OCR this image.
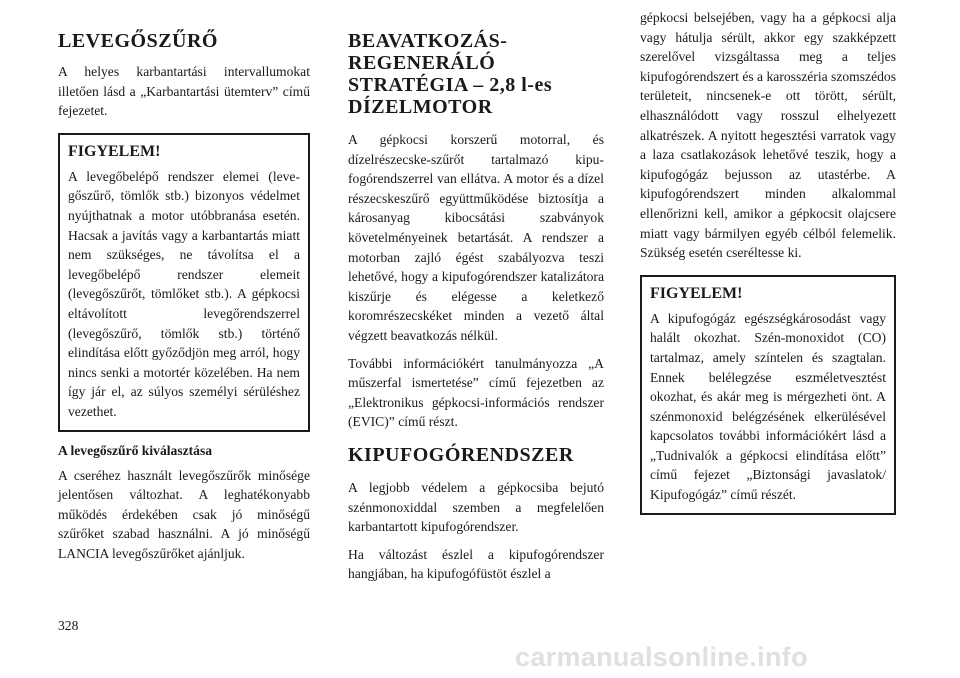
LEVEGŐSZŰRŐ

A helyes karbantartási intervallumokat illetően lásd a „Karbantartási ütemterv” című fejezetet.

FIGYELEM!

A levegőbelépő rendszer elemei (levegőszűrő, tömlők stb.) bizonyos védelmet nyújthatnak a motor utóbbranása esetén. Hacsak a javítás vagy a karbantartás miatt nem szükséges, ne távolítsa el a levegőbelépő rendszer elemeit (levegőszűrőt, tömlőket stb.). A gépkocsi eltávolított levegőrendszerrel (levegőszűrő, tömlők stb.) történő elindítása előtt győződjön meg arról, hogy nincs senki a motortér közelében. Ha nem így jár el, az súlyos személyi sérüléshez vezethet.

A levegőszűrő kiválasztása

A cseréhez használt levegőszűrők minősége jelentősen változhat. A leghatékonyabb működés érdekében csak jó minőségű szűrőket szabad használni. A jó minőségű LANCIA levegőszűrőket ajánljuk.

BEAVATKOZÁS-REGENERÁLÓ STRATÉGIA – 2,8 l-es DÍZELMOTOR

A gépkocsi korszerű motorral, és dízelrészecske-szűrőt tartalmazó kipufogórendszerrel van ellátva. A motor és a dízel részecskeszűrő együttműködése biztosítja a károsanyag kibocsátási szabványok követelményeinek betartását. A rendszer a motorban zajló égést szabályozva teszi lehetővé, hogy a kipufogórendszer katalizátora kiszűrje és elégesse a keletkező koromrészecskéket minden a vezető által végzett beavatkozás nélkül.

További információkért tanulmányozza „A műszerfal ismertetése” című fejezetben az „Elektronikus gépkocsi-információs rendszer (EVIC)” című részt.

KIPUFOGÓRENDSZER

A legjobb védelem a gépkocsiba bejutó szénmonoxiddal szemben a megfelelően karbantartott kipufogórendszer.

Ha változást észlel a kipufogórendszer hangjában, ha kipufogófüstöt észlel a

gépkocsi belsejében, vagy ha a gépkocsi alja vagy hátulja sérült, akkor egy szakképzett szerelővel vizsgáltassa meg a teljes kipufogórendszert és a karosszéria szomszédos területeit, nincsenek-e ott törött, sérült, elhasználódott vagy rosszul elhelyezett alkatrészek. A nyitott hegesztési varratok vagy a laza csatlakozások lehetővé teszik, hogy a kipufogógáz bejusson az utastérbe. A kipufogórendszert minden alkalommal ellenőrizni kell, amikor a gépkocsit olajcsere miatt vagy bármilyen egyéb célból felemelik. Szükség esetén cseréltesse ki.

FIGYELEM!

A kipufogógáz egészségkárosodást vagy halált okozhat. Szén-monoxidot (CO) tartalmaz, amely színtelen és szagtalan. Ennek belélegzése eszméletvesztést okozhat, és akár meg is mérgezheti önt. A szénmonoxid belégzésének elkerülésével kapcsolatos további információkért lásd a „Tudnivalók a gépkocsi elindítása előtt” című fejezet „Biztonsági javaslatok/ Kipufogógáz” című részét.

328
carmanualsonline.info
